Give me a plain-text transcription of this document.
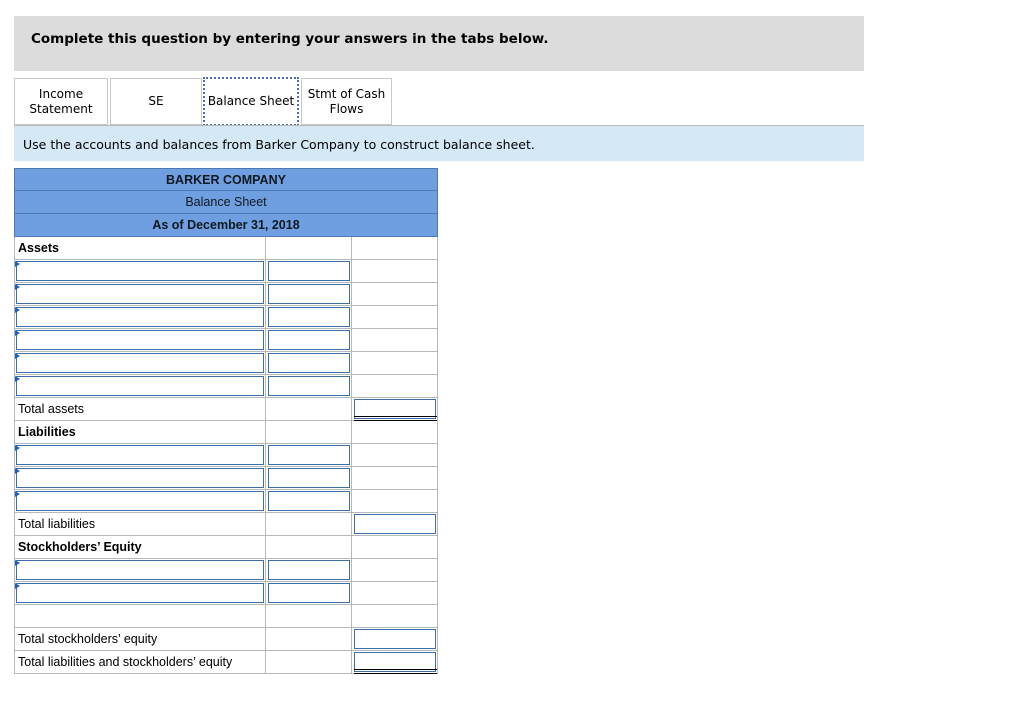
Complete this question by entering your answers in the tabs below.
Income Statement
SE	Balance Sheet
Stmt of Cash Flows
Use the accounts and balances from Barker Company to construct balance sheet.
BARKER COMPANY
Balance Sheet
As of December 31, 2018
Assets
Total assets
Liabilities
Total liabilities
Stockholders’ Equity
Total stockholders’ equity
Total liabilities and stockholders’ equity
